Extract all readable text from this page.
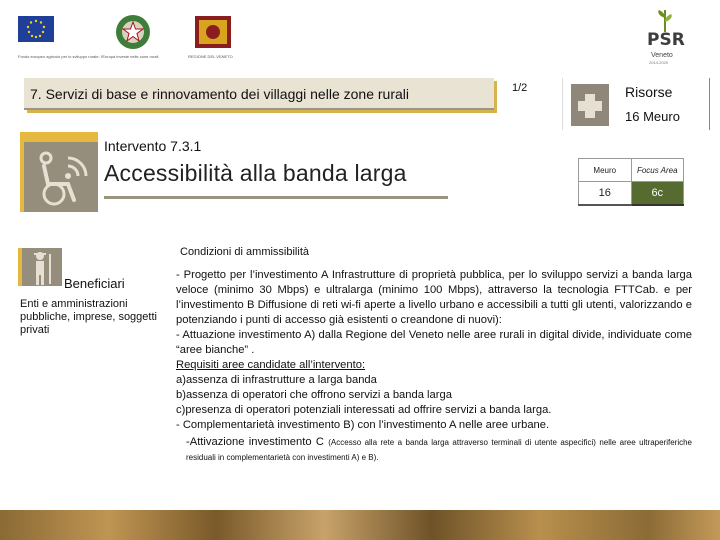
Fondo europeo agricolo per lo sviluppo rurale: l'Europa investe nelle zone rurali	REGIONE DEL VENETO
PSR
Veneto
2014-2020
7. Servizi di base e rinnovamento dei villaggi nelle zone rurali	1/2	Risorse
16 Meuro
Meuro	Focus Area
16	6c
Intervento 7.3.1
Accessibilità alla banda larga
Condizioni di ammissibilità
Beneficiari
Enti e amministrazioni pubbliche, imprese, soggetti privati

- Progetto per l’investimento A Infrastrutture di proprietà pubblica, per lo sviluppo servizi a banda larga veloce (minimo 30 Mbps) e ultralarga (minimo 100 Mbps), attraverso la tecnologia FTTCab. e per l’investimento B Diffusione di reti wi-fi aperte a livello urbano e accessibili a tutti gli utenti, valorizzando e potenziando i punti di accesso già esistenti o creandone di nuovi):

- Attuazione investimento A) dalla Regione del Veneto nelle aree rurali in digital divide, individuate come “aree bianche” .

Requisiti aree candidate all’intervento:

a)assenza di infrastrutture a larga banda

b)assenza di operatori che offrono servizi a banda larga

c)presenza di operatori potenziali interessati ad offrire servizi a banda larga.

- Complementarietà investimento B) con l’investimento A nelle aree urbane.

-Attivazione investimento C (Accesso alla rete a banda larga attraverso terminali di utente aspecifici) nelle aree ultraperiferiche residuali in complementarietà con investimenti A) e B).
